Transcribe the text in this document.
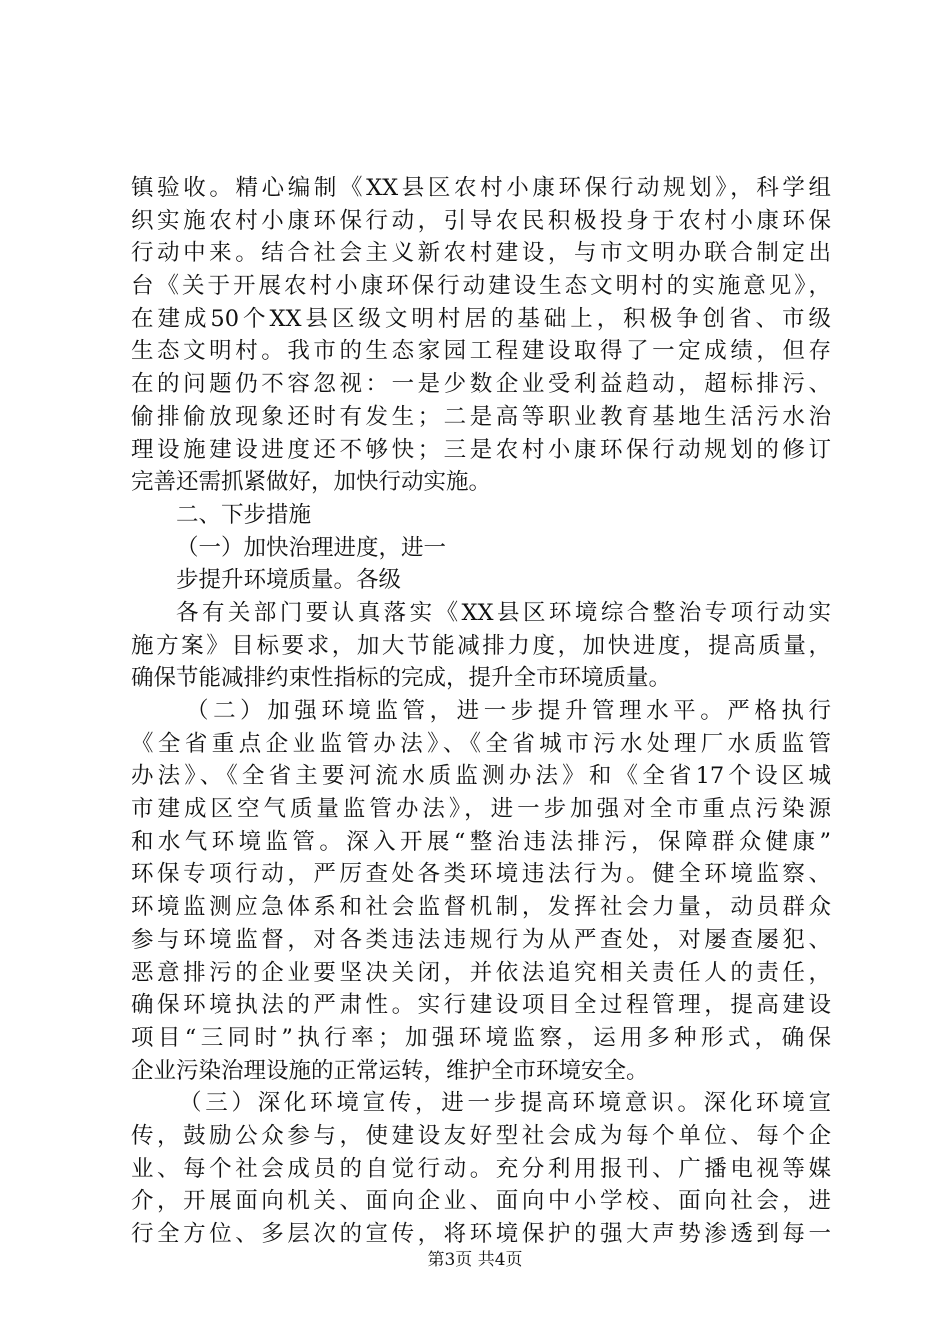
镇验收。精心编制《XX县区农村小康环保行动规划》，科学组
织实施农村小康环保行动，引导农民积极投身于农村小康环保
行动中来。结合社会主义新农村建设，与市文明办联合制定出
台《关于开展农村小康环保行动建设生态文明村的实施意见》，
在建成50个XX县区级文明村居的基础上，积极争创省、市级
生态文明村。我市的生态家园工程建设取得了一定成绩，但存
在的问题仍不容忽视：一是少数企业受利益趋动，超标排污、
偷排偷放现象还时有发生；二是高等职业教育基地生活污水治
理设施建设进度还不够快；三是农村小康环保行动规划的修订
完善还需抓紧做好，加快行动实施。
二、下步措施
（一）加快治理进度，进一
步提升环境质量。各级
各有关部门要认真落实《XX县区环境综合整治专项行动实
施方案》目标要求，加大节能减排力度，加快进度，提高质量，
确保节能减排约束性指标的完成，提升全市环境质量。
（二）加强环境监管，进一步提升管理水平。严格执行
《全省重点企业监管办法》、《全省城市污水处理厂水质监管
办法》、《全省主要河流水质监测办法》和《全省17个设区城
市建成区空气质量监管办法》，进一步加强对全市重点污染源
和水气环境监管。深入开展“整治违法排污，保障群众健康”
环保专项行动，严厉查处各类环境违法行为。健全环境监察、
环境监测应急体系和社会监督机制，发挥社会力量，动员群众
参与环境监督，对各类违法违规行为从严查处，对屡查屡犯、
恶意排污的企业要坚决关闭，并依法追究相关责任人的责任，
确保环境执法的严肃性。实行建设项目全过程管理，提高建设
项目“三同时”执行率；加强环境监察，运用多种形式，确保
企业污染治理设施的正常运转，维护全市环境安全。
（三）深化环境宣传，进一步提高环境意识。深化环境宣
传，鼓励公众参与，使建设友好型社会成为每个单位、每个企
业、每个社会成员的自觉行动。充分利用报刊、广播电视等媒
介，开展面向机关、面向企业、面向中小学校、面向社会，进
行全方位、多层次的宣传，将环境保护的强大声势渗透到每一
第3页 共4页
